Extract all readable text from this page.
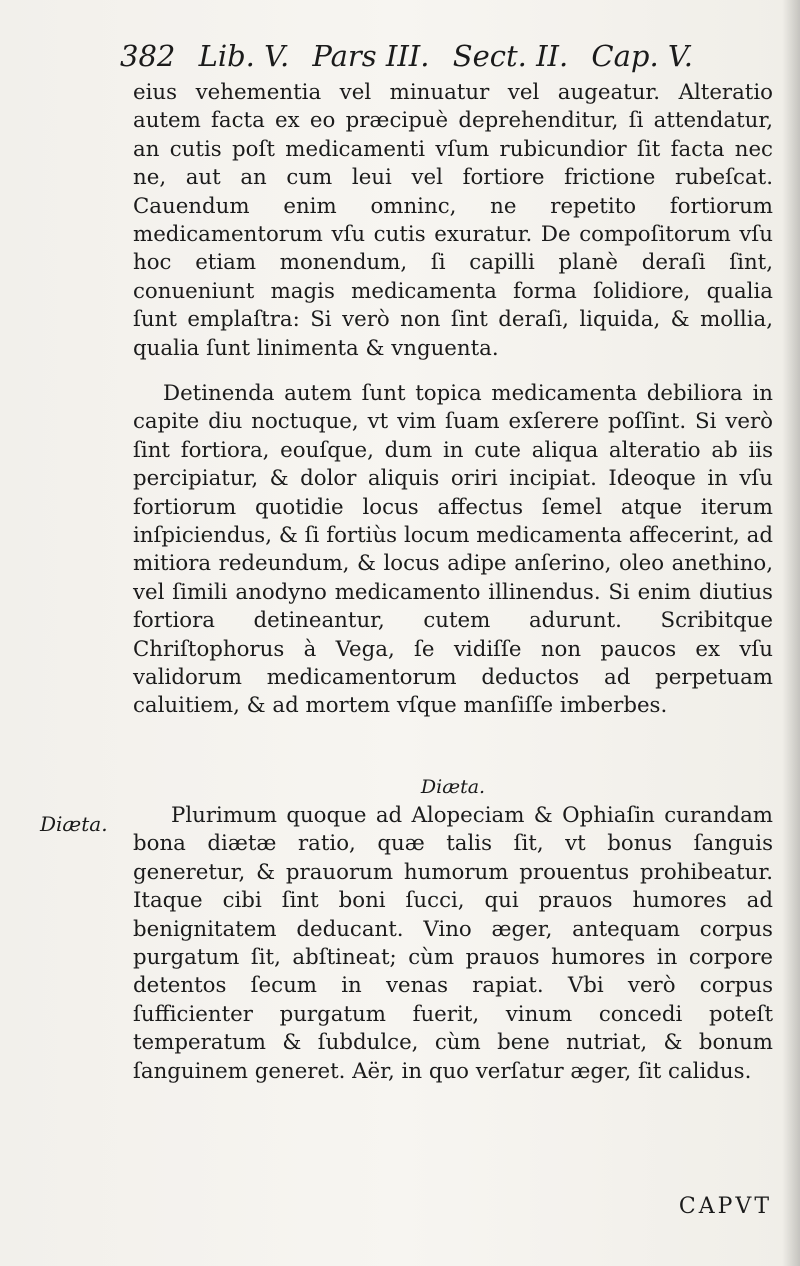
382 Lib. V. Pars III. Sect. II. Cap. V.
eius vehementia vel minuatur vel augeatur. Alteratio autem facta ex eo præcipuè deprehenditur, ſi attendatur, an cutis poſt medicamenti vſum rubicundior ſit facta nec ne, aut an cum leui vel fortiore frictione rubeſcat. Cauendum enim omninc, ne repetito fortiorum medicamentorum vſu cutis exuratur. De compoſitorum vſu hoc etiam monendum, ſi capilli planè deraſi ſint, conueniunt magis medicamenta forma ſolidiore, qualia ſunt emplaſtra: Si verò non ſint deraſi, liquida, & mollia, qualia ſunt linimenta & vnguenta.
Detinenda autem ſunt topica medicamenta debiliora in capite diu noctuque, vt vim ſuam exſerere poſſint. Si verò ſint fortiora, eouſque, dum in cute aliqua alteratio ab iis percipiatur, & dolor aliquis oriri incipiat. Ideoque in vſu fortiorum quotidie locus affectus ſemel atque iterum inſpiciendus, & ſi fortiùs locum medicamenta affecerint, ad mitiora redeundum, & locus adipe anſerino, oleo anethino, vel ſimili anodyno medicamento illinendus. Si enim diutius fortiora detineantur, cutem adurunt. Scribitque Chriſtophorus à Vega, ſe vidiſſe non paucos ex vſu validorum medicamentorum deductos ad perpetuam caluitiem, & ad mortem vſque manſiſſe imberbes.
Diæta.
Diæta.	Plurimum quoque ad Alopeciam & Ophiaſin curandam bona diætæ ratio, quæ talis ſit, vt bonus ſanguis generetur, & prauorum humorum prouentus prohibeatur. Itaque cibi ſint boni ſucci, qui prauos humores ad benignitatem deducant. Vino æger, antequam corpus purgatum ſit, abſtineat; cùm prauos humores in corpore detentos ſecum in venas rapiat. Vbi verò corpus ſufficienter purgatum fuerit, vinum concedi poteſt temperatum & ſubdulce, cùm bene nutriat, & bonum ſanguinem generet. Aër, in quo verſatur æger, ſit calidus.
CAPVT
